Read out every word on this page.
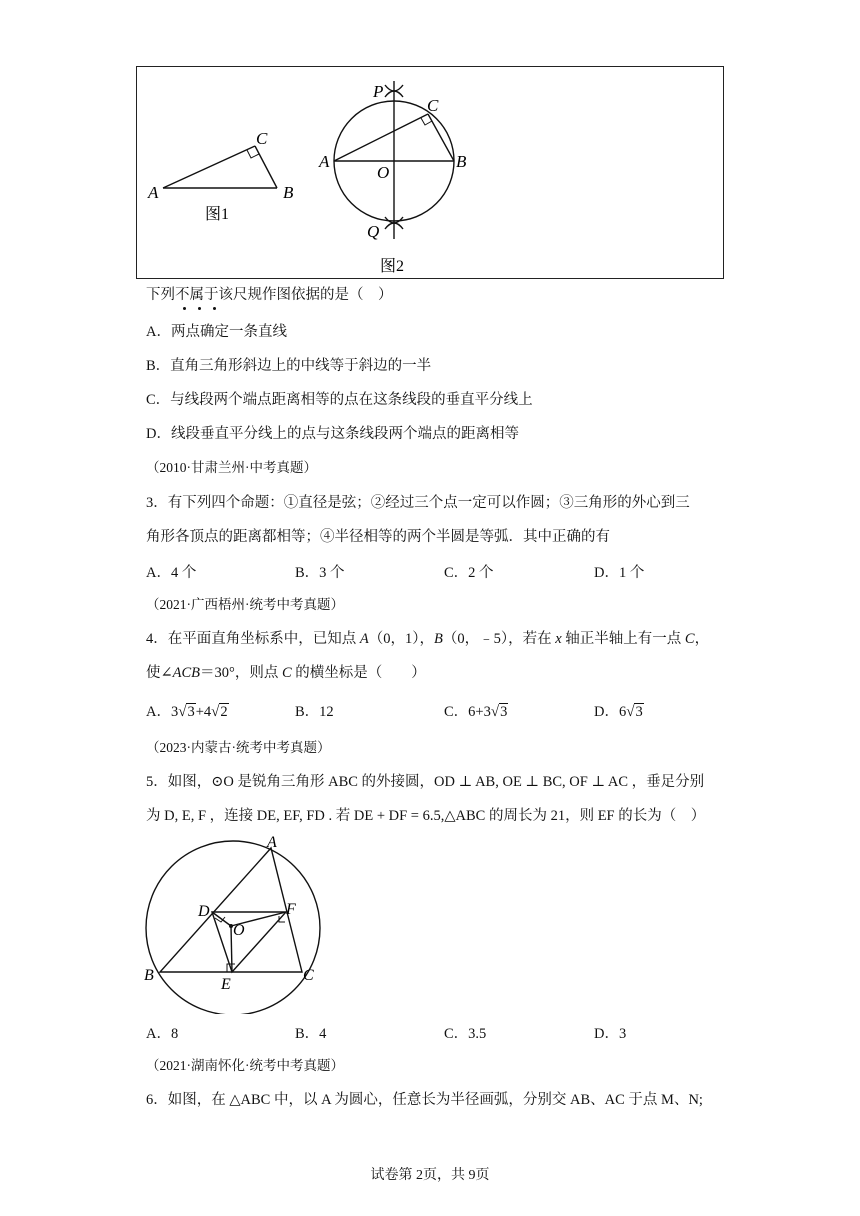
A
C
B
图1
P
C
A
O
B
Q
图2
下列不属于该尺规作图依据的是（　）
A．两点确定一条直线
B．直角三角形斜边上的中线等于斜边的一半
C．与线段两个端点距离相等的点在这条线段的垂直平分线上
D．线段垂直平分线上的点与这条线段两个端点的距离相等
（2010·甘肃兰州·中考真题）
3．有下列四个命题：①直径是弦；②经过三个点一定可以作圆；③三角形的外心到三
角形各顶点的距离都相等；④半径相等的两个半圆是等弧．其中正确的有
A．4 个	B．3 个	C．2 个	D．1 个
（2021·广西梧州·统考中考真题）
4．在平面直角坐标系中，已知点 A（0，1），B（0，﹣5），若在 x 轴正半轴上有一点 C，
使∠ACB＝30°，则点 C 的横坐标是（　　）
A．3√3+4√2	B．12	C．6+3√3	D．6√3
（2023·内蒙古·统考中考真题）
5．如图，⊙O 是锐角三角形 ABC 的外接圆，OD ⊥ AB, OE ⊥ BC, OF ⊥ AC ，垂足分别
为 D, E, F ，连接 DE, EF, FD . 若 DE + DF = 6.5,△ABC 的周长为 21，则 EF 的长为（　）
A
B	C
D
E
F
O
A．8	B．4	C．3.5	D．3
（2021·湖南怀化·统考中考真题）
6．如图，在 △ABC 中，以 A 为圆心，任意长为半径画弧，分别交 AB、AC 于点 M、N;
试卷第 2页，共 9页
